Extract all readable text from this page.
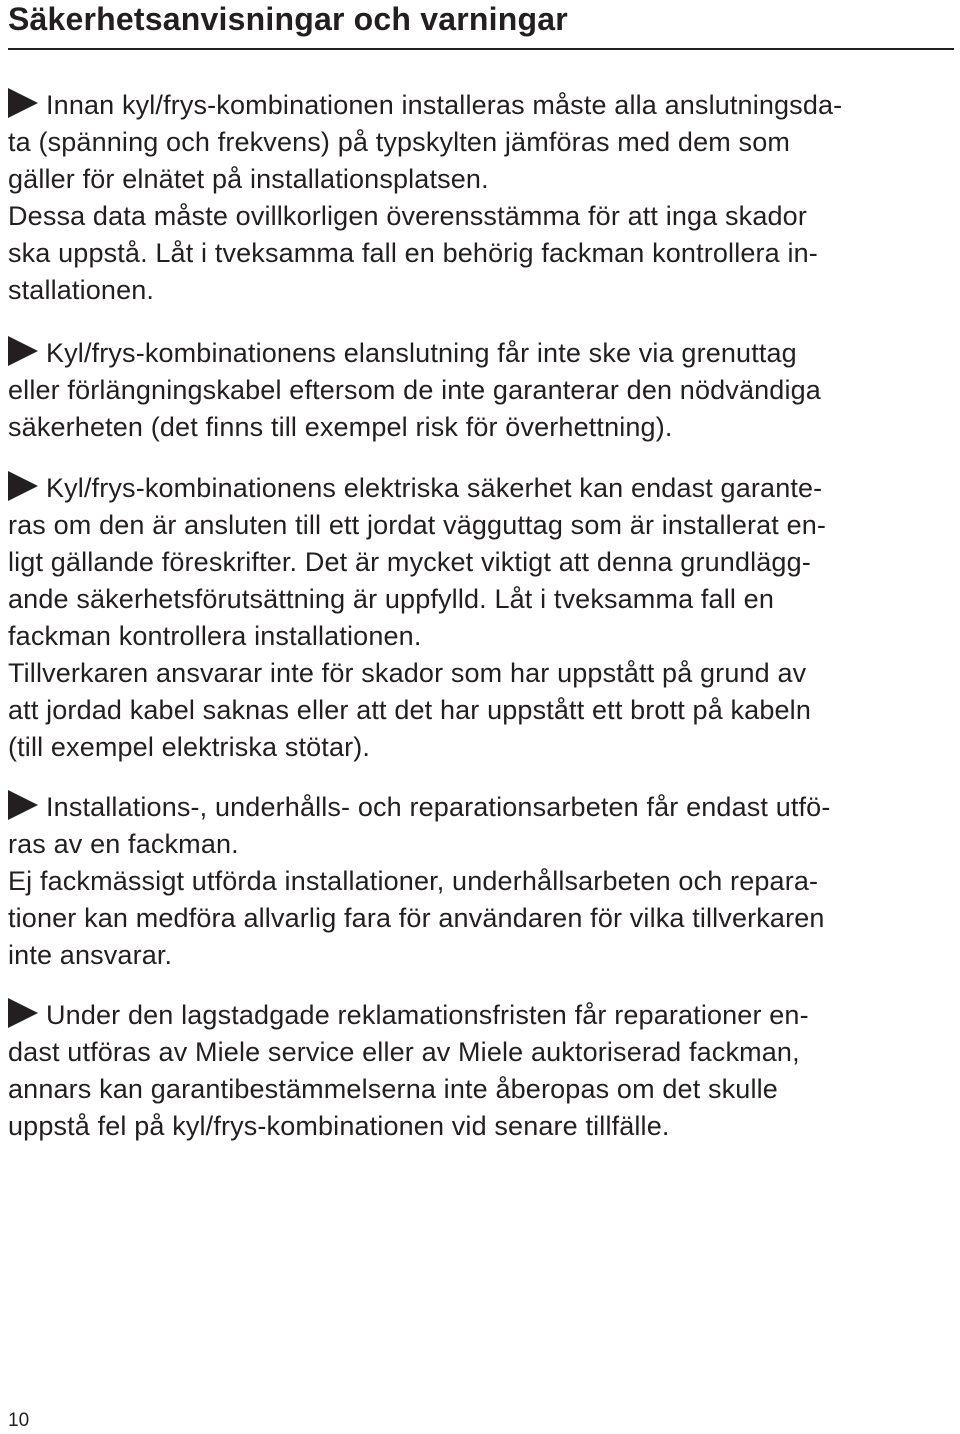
Säkerhetsanvisningar och varningar

Innan kyl/frys-kombinationen installeras måste alla anslutningsda-
ta (spänning och frekvens) på typskylten jämföras med dem som
gäller för elnätet på installationsplatsen.
Dessa data måste ovillkorligen överensstämma för att inga skador
ska uppstå. Låt i tveksamma fall en behörig fackman kontrollera in-
stallationen.

Kyl/frys-kombinationens elanslutning får inte ske via grenuttag
eller förlängningskabel eftersom de inte garanterar den nödvändiga
säkerheten (det finns till exempel risk för överhettning).

Kyl/frys-kombinationens elektriska säkerhet kan endast garante-
ras om den är ansluten till ett jordat vägguttag som är installerat en-
ligt gällande föreskrifter. Det är mycket viktigt att denna grundlägg-
ande säkerhetsförutsättning är uppfylld. Låt i tveksamma fall en
fackman kontrollera installationen.
Tillverkaren ansvarar inte för skador som har uppstått på grund av
att jordad kabel saknas eller att det har uppstått ett brott på kabeln
(till exempel elektriska stötar).

Installations-, underhålls- och reparationsarbeten får endast utfö-
ras av en fackman.
Ej fackmässigt utförda installationer, underhållsarbeten och repara-
tioner kan medföra allvarlig fara för användaren för vilka tillverkaren
inte ansvarar.

Under den lagstadgade reklamationsfristen får reparationer en-
dast utföras av Miele service eller av Miele auktoriserad fackman,
annars kan garantibestämmelserna inte åberopas om det skulle
uppstå fel på kyl/frys-kombinationen vid senare tillfälle.

10
